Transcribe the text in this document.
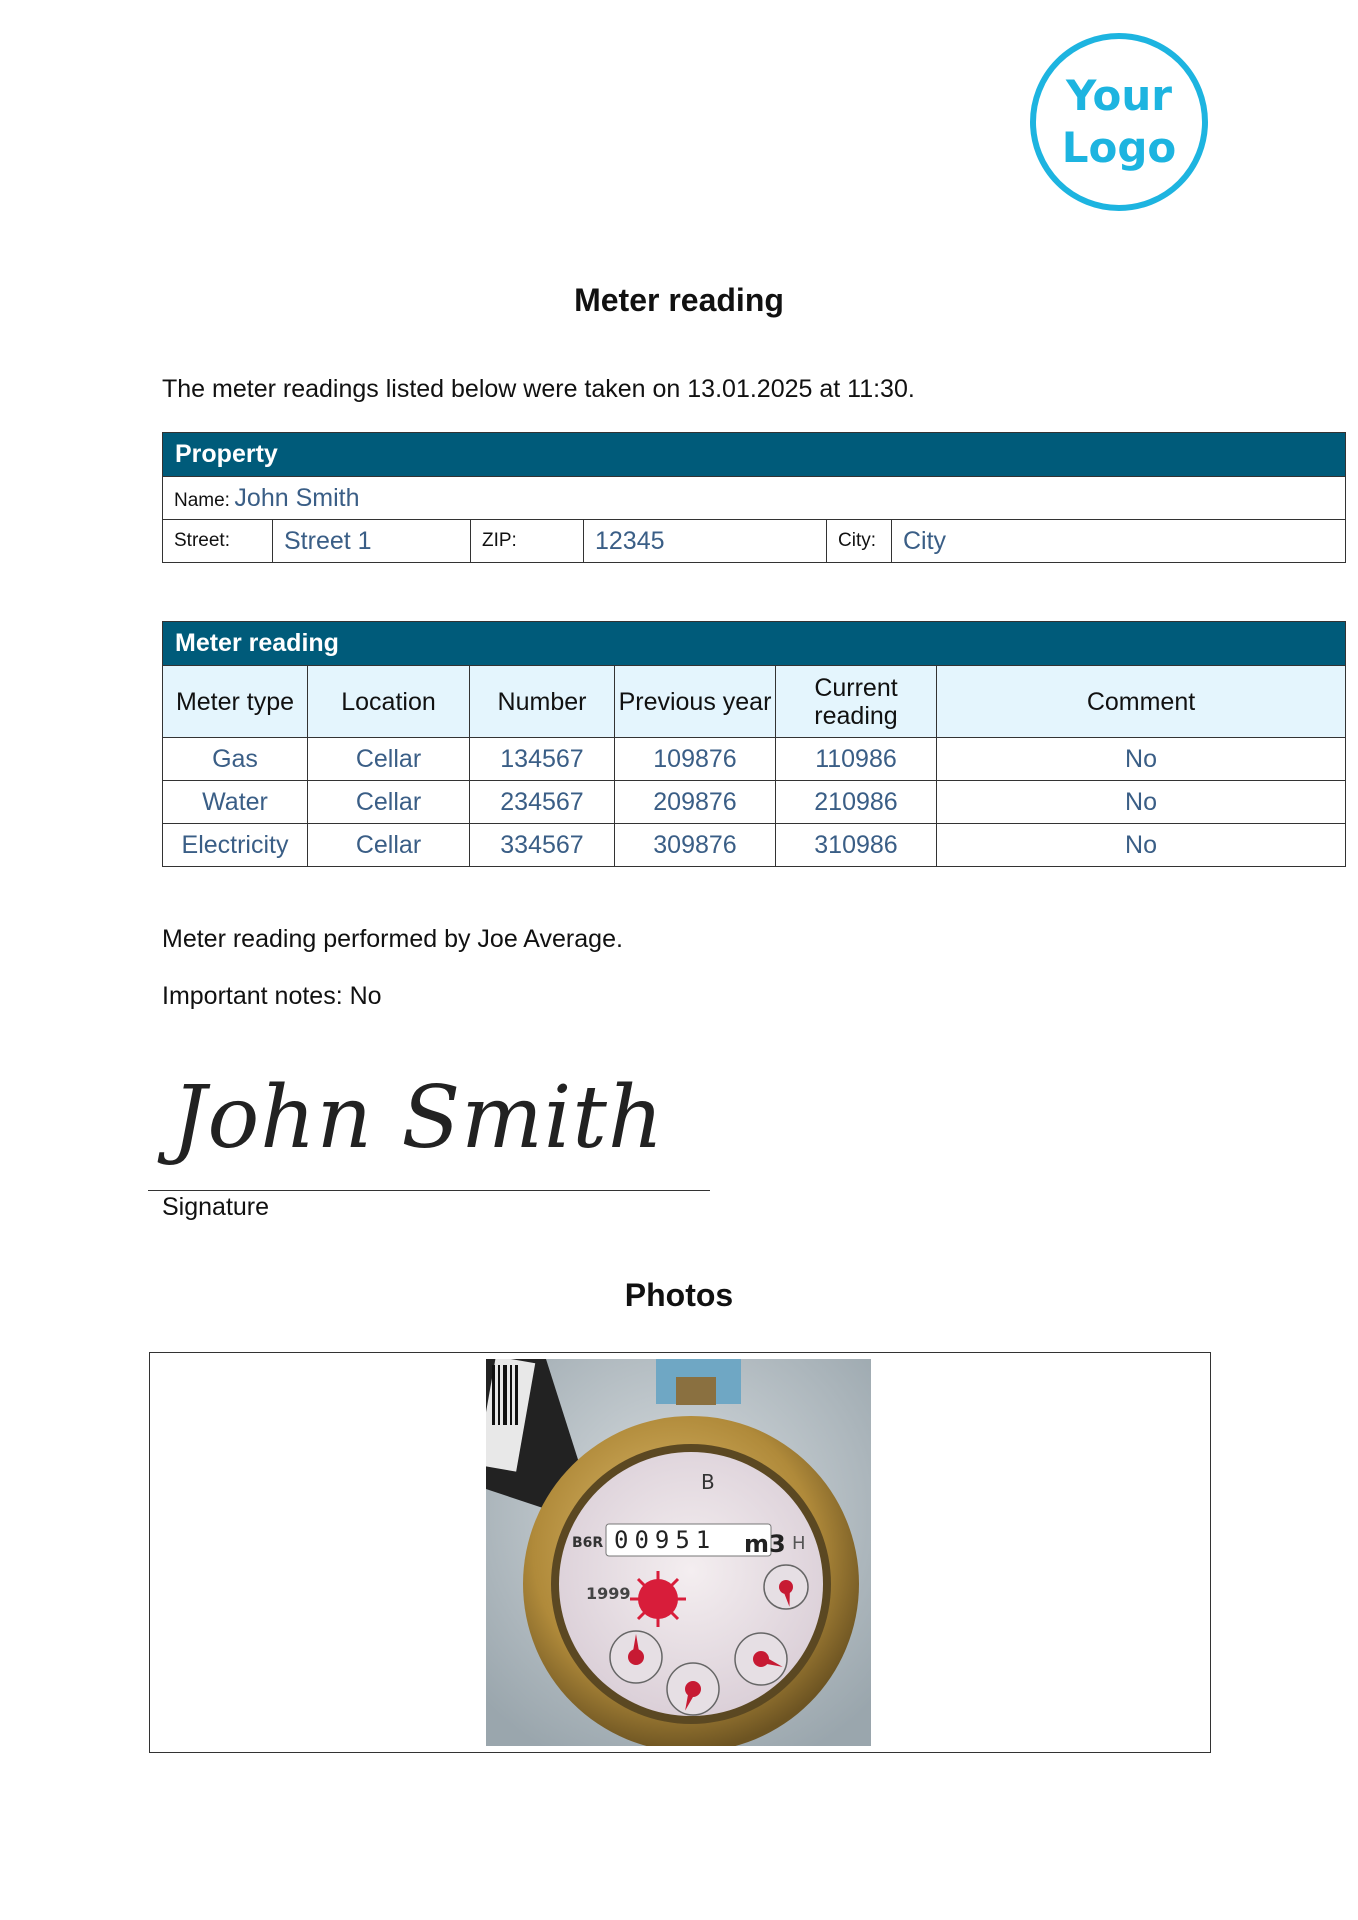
Your
Logo
Meter reading
The meter readings listed below were taken on 13.01.2025 at 11:30.
Property
Name: John Smith
Street:	Street 1	ZIP:	12345	City:	City
Meter reading					
Meter type	Location	Number	Previous year	Current reading	Comment
Gas	Cellar	134567	109876	110986	No
Water	Cellar	234567	209876	210986	No
Electricity	Cellar	334567	309876	310986	No
Meter reading performed by Joe Average.
Important notes: No
John Smith
Signature
Photos
B
B6R 00951 m3 H
1999
